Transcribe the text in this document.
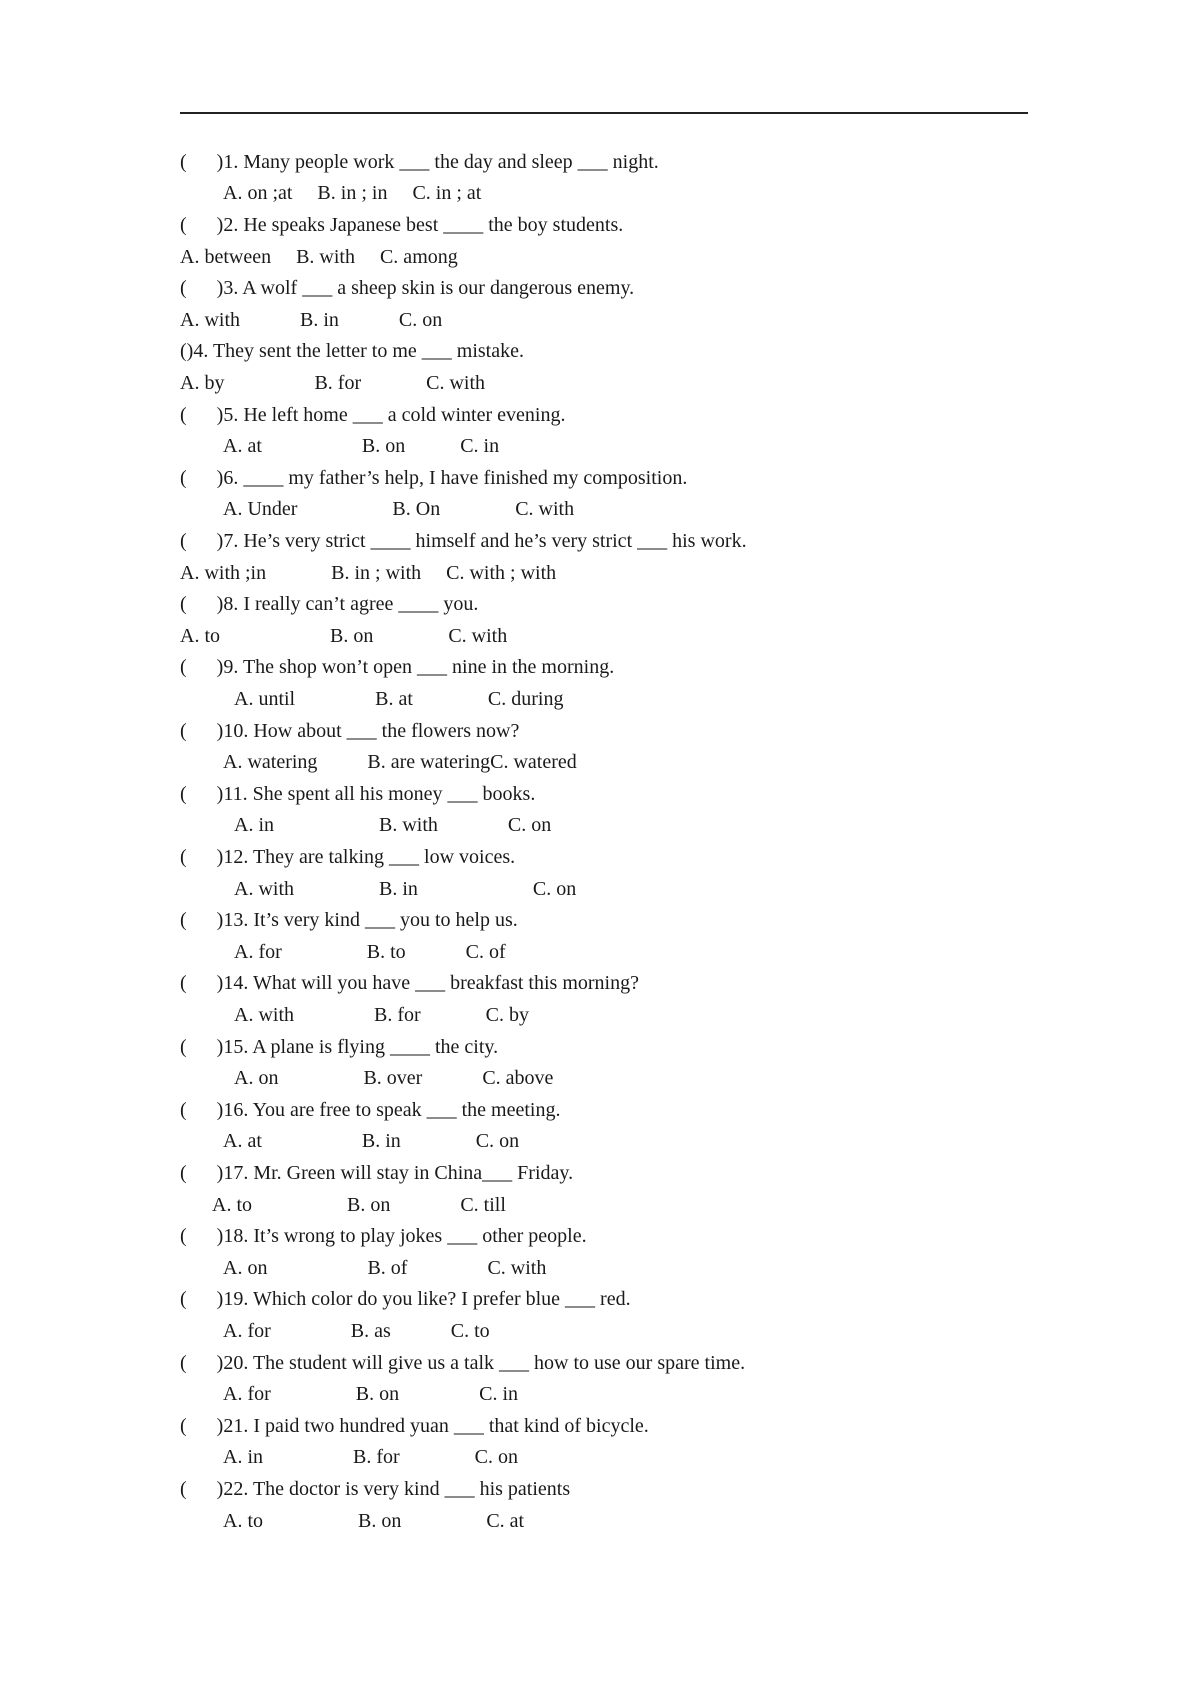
(      )1. Many people work ___ the day and sleep ___ night.
A. on ;at     B. in ; in     C. in ; at
(      )2. He speaks Japanese best ____ the boy students.
A. between     B. with     C. among
(      )3. A wolf ___ a sheep skin is our dangerous enemy.
A. with            B. in            C. on
()4. They sent the letter to me ___ mistake.
A. by                  B. for             C. with
(      )5. He left home ___ a cold winter evening.
A. at                    B. on           C. in
(      )6. ____ my father’s help, I have finished my composition.
A. Under                   B. On               C. with
(      )7. He’s very strict ____ himself and he’s very strict ___ his work.
A. with ;in             B. in ; with     C. with ; with
(      )8. I really can’t agree ____ you.
A. to                      B. on               C. with
(      )9. The shop won’t open ___ nine in the morning.
A. until                B. at               C. during
(      )10. How about ___ the flowers now?
A. watering          B. are wateringC. watered
(      )11. She spent all his money ___ books.
A. in                     B. with              C. on
(      )12. They are talking ___ low voices.
A. with                 B. in                       C. on
(      )13. It’s very kind ___ you to help us.
A. for                 B. to            C. of
(      )14. What will you have ___ breakfast this morning?
A. with                B. for             C. by
(      )15. A plane is flying ____ the city.
A. on                 B. over            C. above
(      )16. You are free to speak ___ the meeting.
A. at                    B. in               C. on
(      )17. Mr. Green will stay in China___ Friday.
A. to                   B. on              C. till
(      )18. It’s wrong to play jokes ___ other people.
A. on                    B. of                C. with
(      )19. Which color do you like? I prefer blue ___ red.
A. for                B. as            C. to
(      )20. The student will give us a talk ___ how to use our spare time.
A. for                 B. on                C. in
(      )21. I paid two hundred yuan ___ that kind of bicycle.
A. in                  B. for               C. on
(      )22. The doctor is very kind ___ his patients
A. to                   B. on                 C. at
